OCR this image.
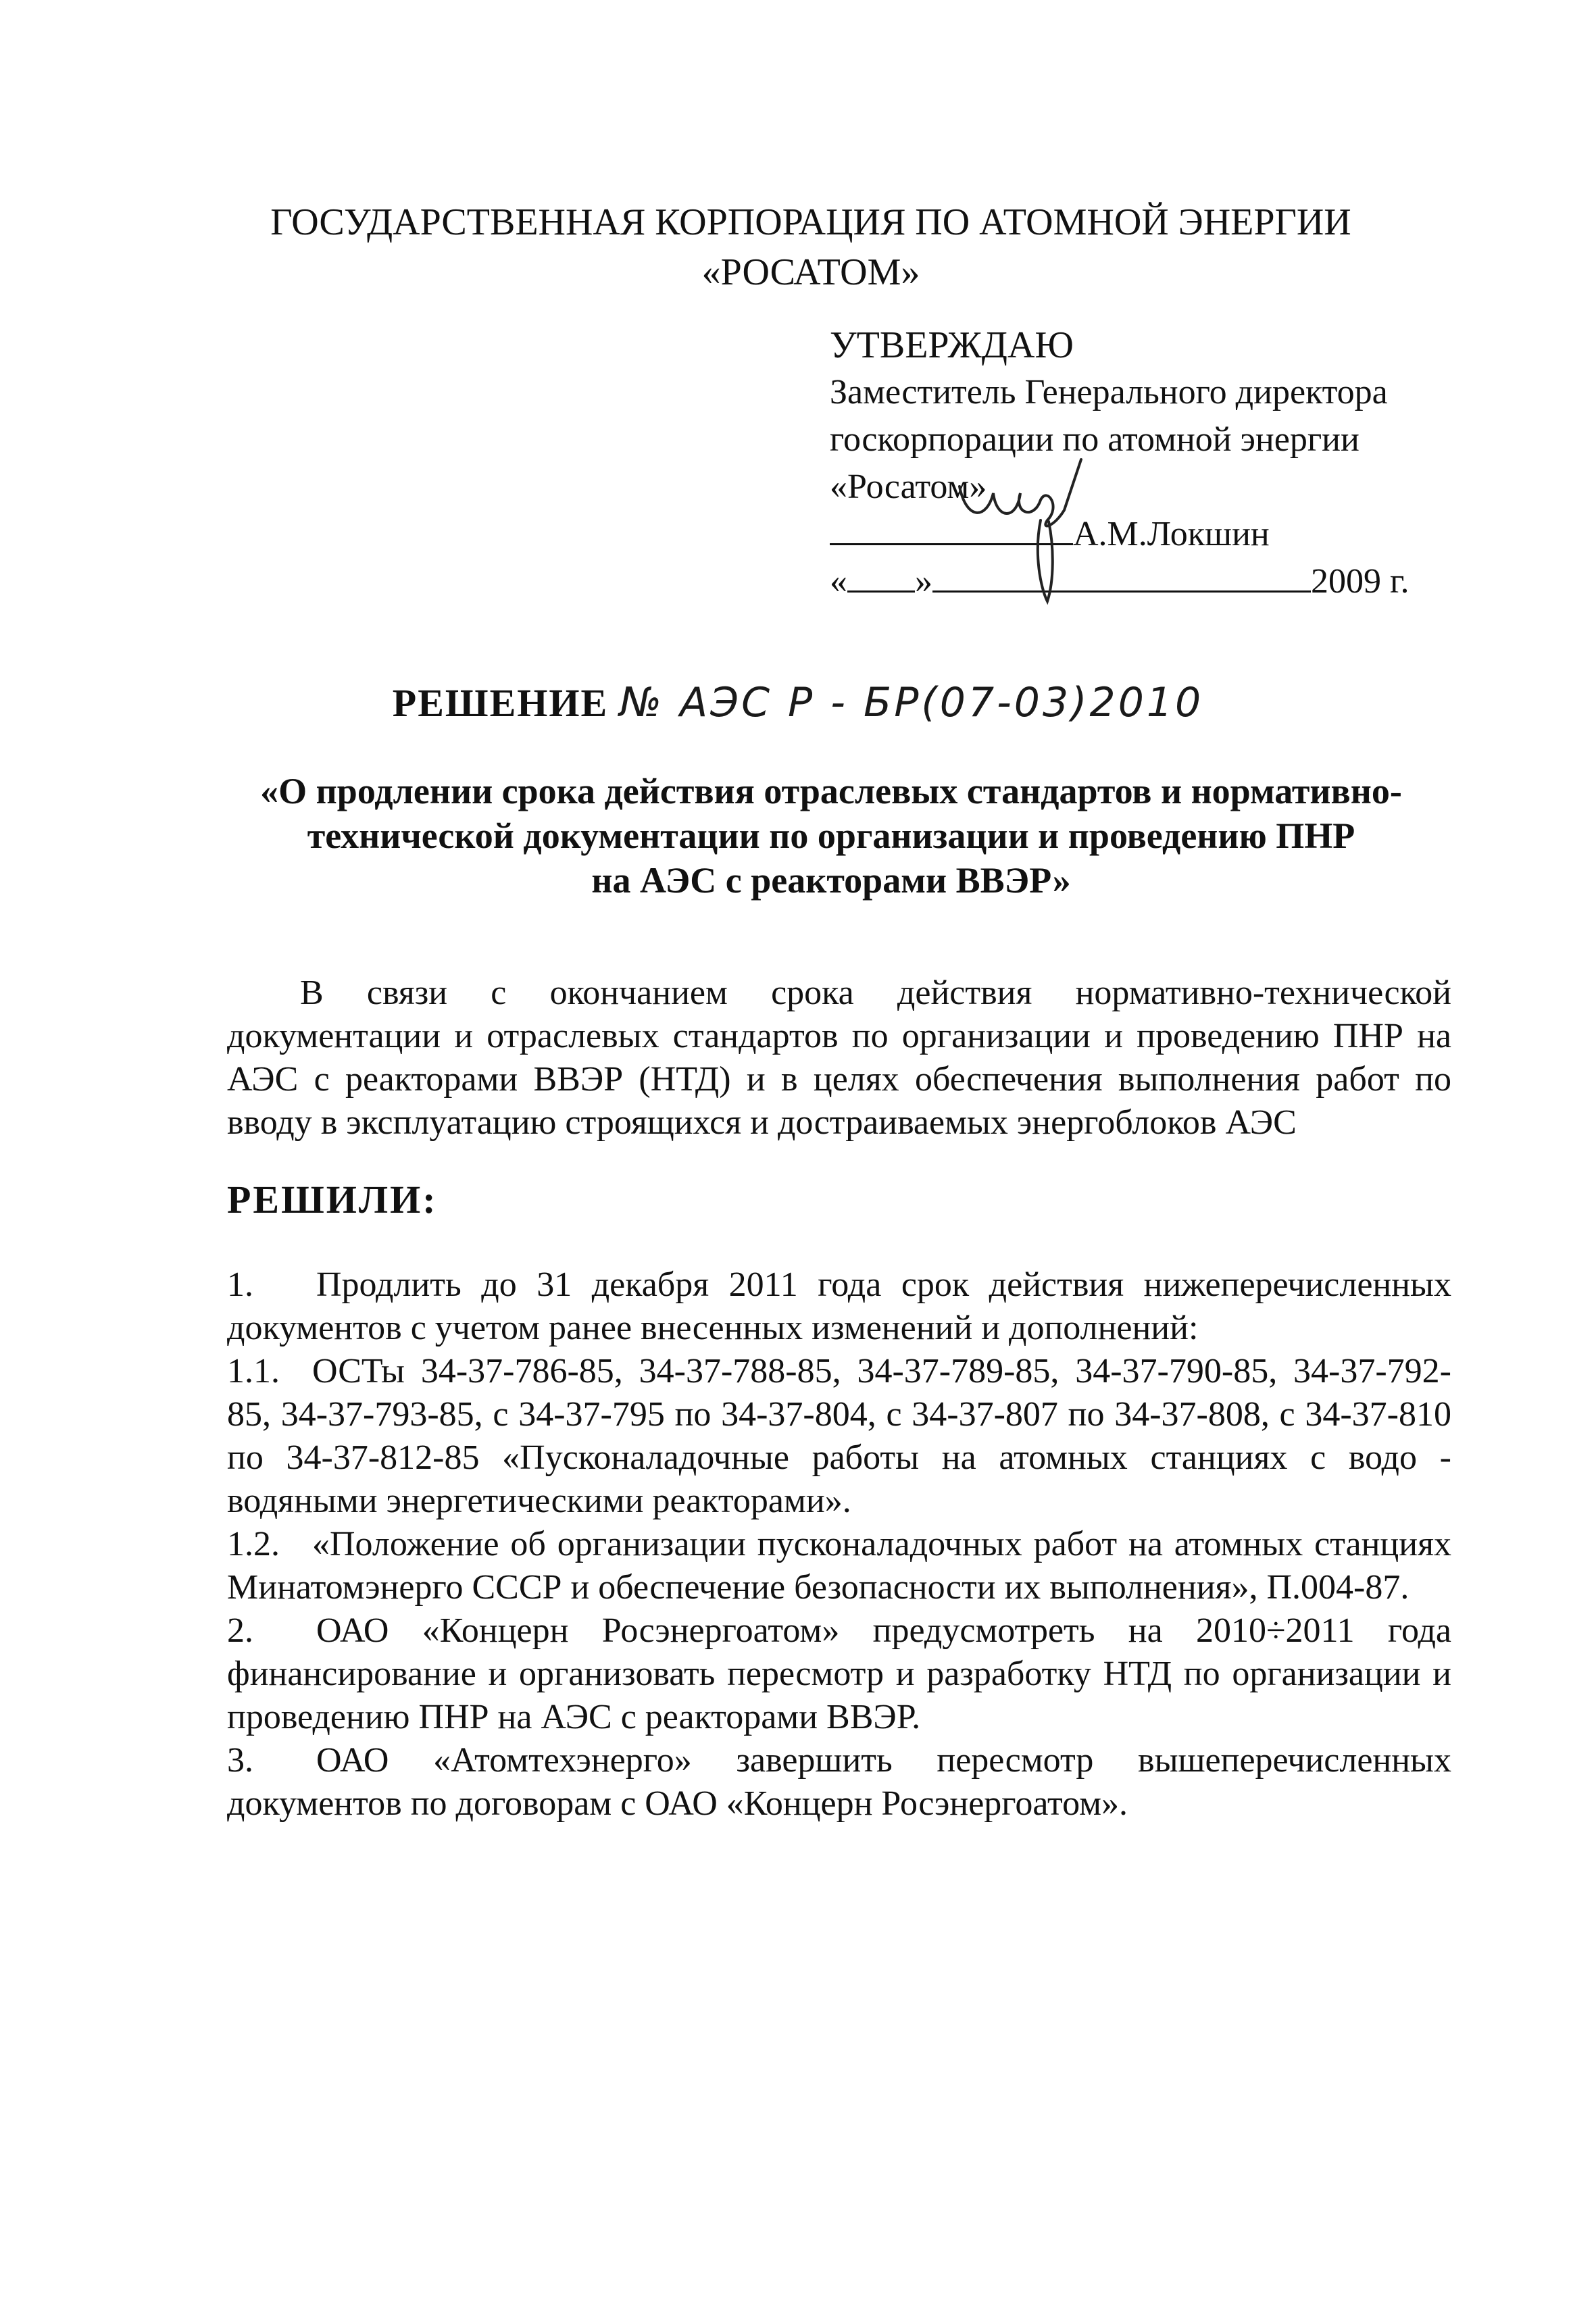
ГОСУДАРСТВЕННАЯ КОРПОРАЦИЯ ПО АТОМНОЙ ЭНЕРГИИ
«РОСАТОМ»
УТВЕРЖДАЮ
Заместитель Генерального директора
госкорпорации по атомной энергии
«Росатом»
А.М.Локшин
« »	2009 г.
РЕШЕНИЕ № АЭС Р - БР(07-03)2010
«О продлении срока действия отраслевых стандартов и нормативно-
технической документации по организации и проведению ПНР
на АЭС с реакторами ВВЭР»

В связи с окончанием срока действия нормативно-технической документации и отраслевых стандартов по организации и проведению ПНР на АЭС с реакторами ВВЭР (НТД) и в целях обеспечения выполнения работ по вводу в эксплуатацию строящихся и достраиваемых энергоблоков АЭС

РЕШИЛИ:

1. Продлить до 31 декабря 2011 года срок действия нижеперечисленных документов с учетом ранее внесенных изменений и дополнений:

1.1. ОСТы 34-37-786-85, 34-37-788-85, 34-37-789-85, 34-37-790-85, 34-37-792-85, 34-37-793-85, с 34-37-795 по 34-37-804, с 34-37-807 по 34-37-808, с 34-37-810 по 34-37-812-85 «Пусконаладочные работы на атомных станциях с водо - водяными энергетическими реакторами».

1.2. «Положение об организации пусконаладочных работ на атомных станциях Минатомэнерго СССР и обеспечение безопасности их выполнения», П.004-87.

2. ОАО «Концерн Росэнергоатом» предусмотреть на 2010÷2011 года финансирование и организовать пересмотр и разработку НТД по организации и проведению ПНР на АЭС с реакторами ВВЭР.

3. ОАО «Атомтехэнерго» завершить пересмотр вышеперечисленных документов по договорам с ОАО «Концерн Росэнергоатом».
